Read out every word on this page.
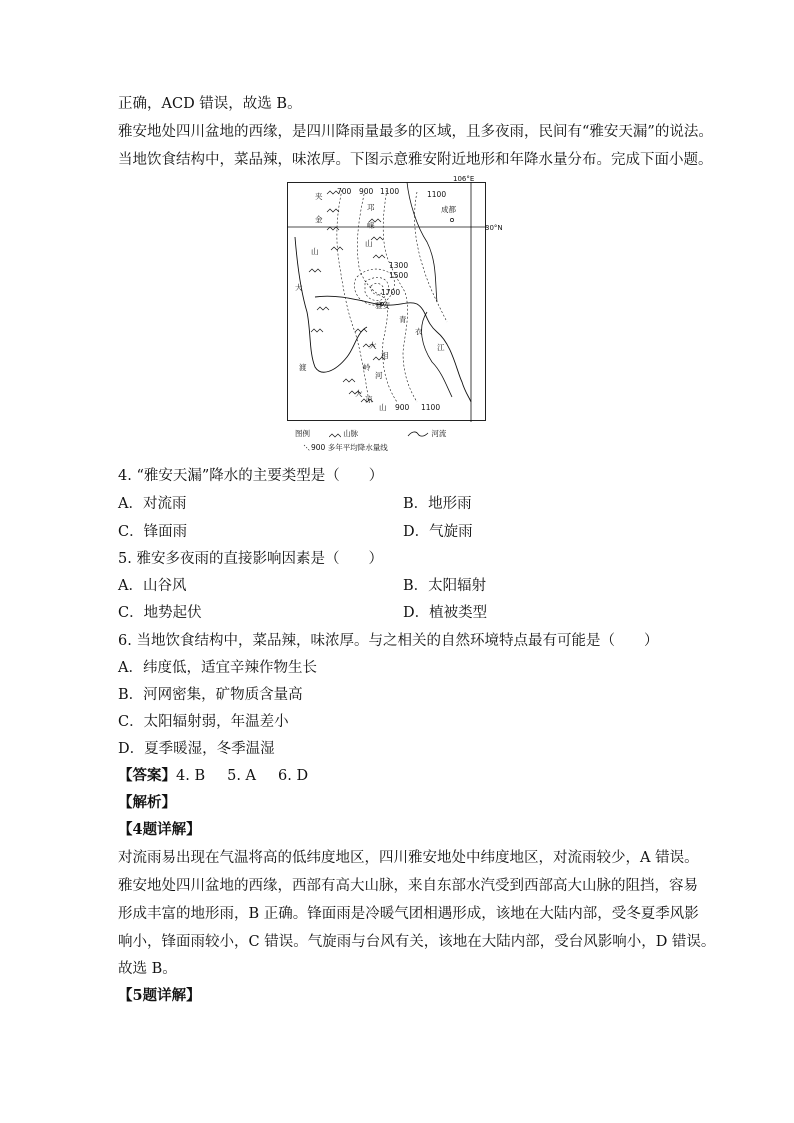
正确，ACD 错误，故选 B。
雅安地处四川盆地的西缘，是四川降雨量最多的区域，且多夜雨，民间有“雅安天漏”的说法。
当地饮食结构中，菜品辣，味浓厚。下图示意雅安附近地形和年降水量分布。完成下面小题。
700 900 1100	1100
1300
1500
1700
900 1100
夹
金
山
邛
崃
山
大
相
岭
大
凉
山
大
渡
河
青
衣
江
成都
雅安
106°E
30°N
图例	山脉	河流
900 多年平均降水量线
4. “雅安天漏”降水的主要类型是（　　）
A．对流雨	B．地形雨
C．锋面雨	D．气旋雨
5. 雅安多夜雨的直接影响因素是（　　）
A．山谷风	B．太阳辐射
C．地势起伏	D．植被类型
6. 当地饮食结构中，菜品辣，味浓厚。与之相关的自然环境特点最有可能是（　　）
A．纬度低，适宜辛辣作物生长
B．河网密集，矿物质含量高
C．太阳辐射弱，年温差小
D．夏季暖湿，冬季温湿
【答案】4. B 5. A 6. D
【解析】
【4题详解】
对流雨易出现在气温将高的低纬度地区，四川雅安地处中纬度地区，对流雨较少，A 错误。
雅安地处四川盆地的西缘，西部有高大山脉，来自东部水汽受到西部高大山脉的阻挡，容易
形成丰富的地形雨，B 正确。锋面雨是冷暖气团相遇形成，该地在大陆内部，受冬夏季风影
响小，锋面雨较小，C 错误。气旋雨与台风有关，该地在大陆内部，受台风影响小，D 错误。
故选 B。
【5题详解】
